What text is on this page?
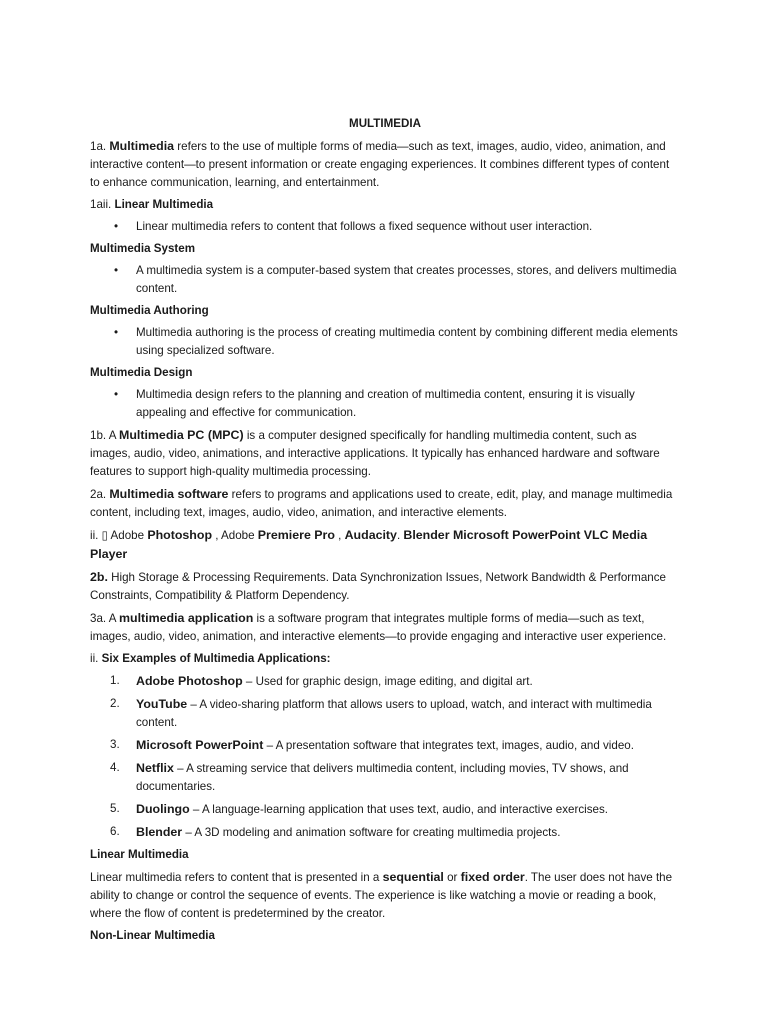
MULTIMEDIA

1a. Multimedia refers to the use of multiple forms of media—such as text, images, audio, video, animation, and interactive content—to present information or create engaging experiences. It combines different types of content to enhance communication, learning, and entertainment.

1aii. Linear Multimedia

• Linear multimedia refers to content that follows a fixed sequence without user interaction.

Multimedia System

• A multimedia system is a computer-based system that creates processes, stores, and delivers multimedia content.

Multimedia Authoring

• Multimedia authoring is the process of creating multimedia content by combining different media elements using specialized software.

Multimedia Design

• Multimedia design refers to the planning and creation of multimedia content, ensuring it is visually appealing and effective for communication.

1b. A Multimedia PC (MPC) is a computer designed specifically for handling multimedia content, such as images, audio, video, animations, and interactive applications. It typically has enhanced hardware and software features to support high-quality multimedia processing.

2a. Multimedia software refers to programs and applications used to create, edit, play, and manage multimedia content, including text, images, audio, video, animation, and interactive elements.

ii. ▯ Adobe Photoshop , Adobe Premiere Pro , Audacity. Blender Microsoft PowerPoint VLC Media Player

2b. High Storage & Processing Requirements. Data Synchronization Issues, Network Bandwidth & Performance Constraints, Compatibility & Platform Dependency.

3a. A multimedia application is a software program that integrates multiple forms of media—such as text, images, audio, video, animation, and interactive elements—to provide engaging and interactive user experience.

ii. Six Examples of Multimedia Applications:

1. Adobe Photoshop – Used for graphic design, image editing, and digital art.
2. YouTube – A video-sharing platform that allows users to upload, watch, and interact with multimedia content.
3. Microsoft PowerPoint – A presentation software that integrates text, images, audio, and video.
4. Netflix – A streaming service that delivers multimedia content, including movies, TV shows, and documentaries.
5. Duolingo – A language-learning application that uses text, audio, and interactive exercises.
6. Blender – A 3D modeling and animation software for creating multimedia projects.

Linear Multimedia

Linear multimedia refers to content that is presented in a sequential or fixed order. The user does not have the ability to change or control the sequence of events. The experience is like watching a movie or reading a book, where the flow of content is predetermined by the creator.

Non-Linear Multimedia
